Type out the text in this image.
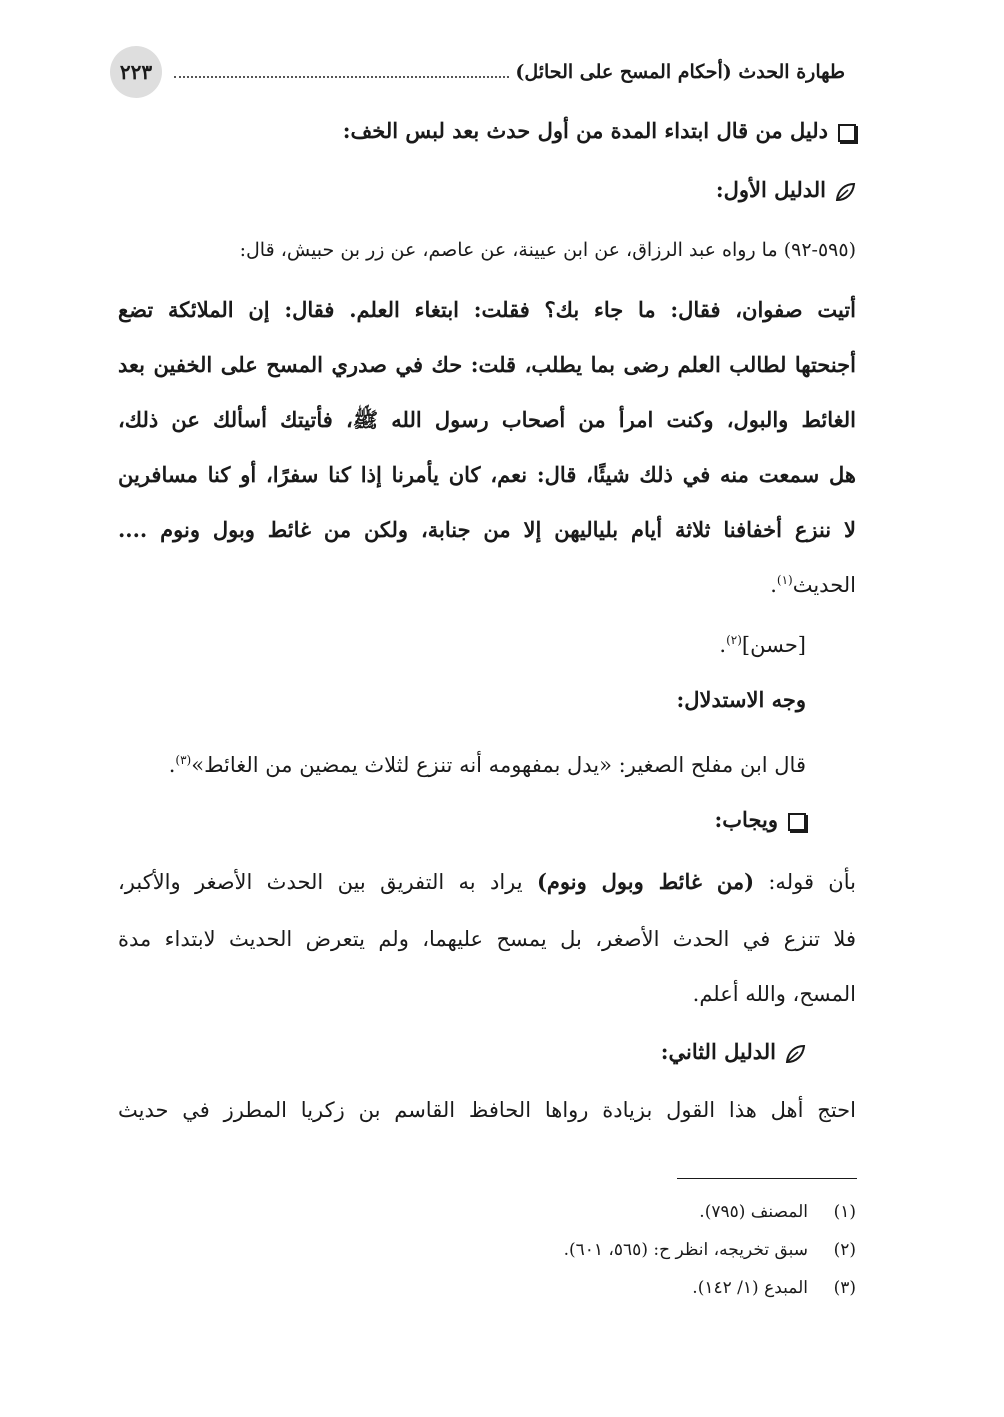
طهارة الحدث (أحكام المسح على الحائل)
٢٢٣
دليل من قال ابتداء المدة من أول حدث بعد لبس الخف:
الدليل الأول:
(٥٩٥-٩٢) ما رواه عبد الرزاق، عن ابن عيينة، عن عاصم، عن زر بن حبيش، قال:
أتيت صفوان، فقال: ما جاء بك؟ فقلت: ابتغاء العلم. فقال: إن الملائكة تضع
أجنحتها لطالب العلم رضى بما يطلب، قلت: حك في صدري المسح على الخفين بعد
الغائط والبول، وكنت امرأ من أصحاب رسول الله ﷺ، فأتيتك أسألك عن ذلك،
هل سمعت منه في ذلك شيئًا، قال: نعم، كان يأمرنا إذا كنا سفرًا، أو كنا مسافرين
لا ننزع أخفافنا ثلاثة أيام بلياليهن إلا من جنابة، ولكن من غائط وبول ونوم ....
الحديث$^{(١)}$.
[حسن]$^{(٢)}$.
وجه الاستدلال:
قال ابن مفلح الصغير: «يدل بمفهومه أنه تنزع لثلاث يمضين من الغائط»$^{(٣)}$.
ويجاب:
بأن قوله: (من غائط وبول ونوم) يراد به التفريق بين الحدث الأصغر والأكبر،
فلا تنزع في الحدث الأصغر، بل يمسح عليهما، ولم يتعرض الحديث لابتداء مدة
المسح، والله أعلم.
الدليل الثاني:
احتج أهل هذا القول بزيادة رواها الحافظ القاسم بن زكريا المطرز في حديث
(١)المصنف (٧٩٥).
(٢)سبق تخريجه، انظر ح: (٥٦٥، ٦٠١).
(٣)المبدع (١/ ١٤٢).
